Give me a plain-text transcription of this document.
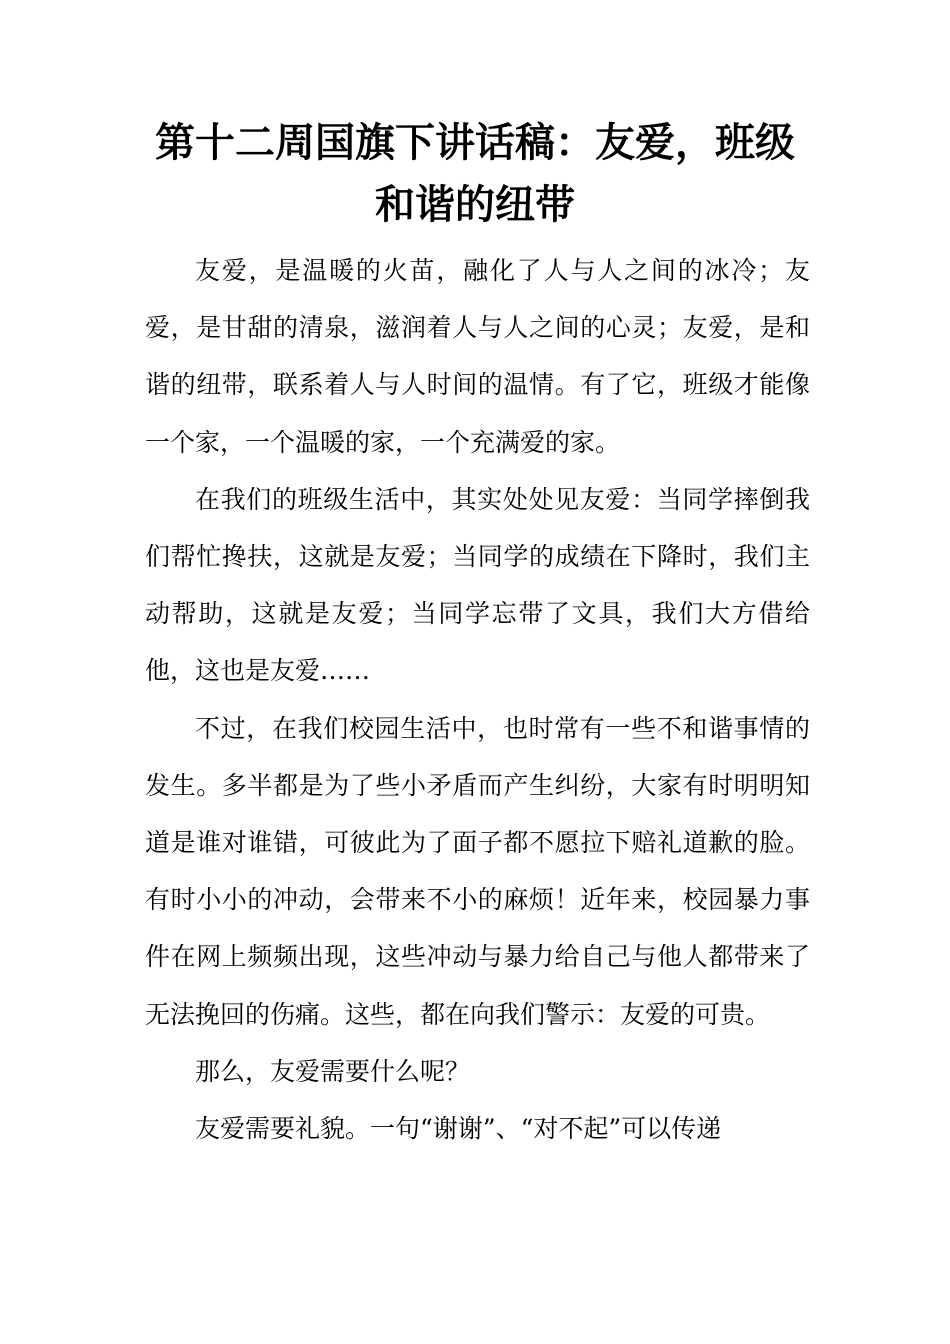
第十二周国旗下讲话稿：友爱，班级和谐的纽带

友爱，是温暖的火苗，融化了人与人之间的冰冷；友爱，是甘甜的清泉，滋润着人与人之间的心灵；友爱，是和谐的纽带，联系着人与人时间的温情。有了它，班级才能像一个家，一个温暖的家，一个充满爱的家。

在我们的班级生活中，其实处处见友爱：当同学摔倒我们帮忙搀扶，这就是友爱；当同学的成绩在下降时，我们主动帮助，这就是友爱；当同学忘带了文具，我们大方借给他，这也是友爱……

不过，在我们校园生活中，也时常有一些不和谐事情的发生。多半都是为了些小矛盾而产生纠纷，大家有时明明知道是谁对谁错，可彼此为了面子都不愿拉下赔礼道歉的脸。有时小小的冲动，会带来不小的麻烦！近年来，校园暴力事件在网上频频出现，这些冲动与暴力给自己与他人都带来了无法挽回的伤痛。这些，都在向我们警示：友爱的可贵。

那么，友爱需要什么呢？

友爱需要礼貌。一句“谢谢”、“对不起”可以传递
